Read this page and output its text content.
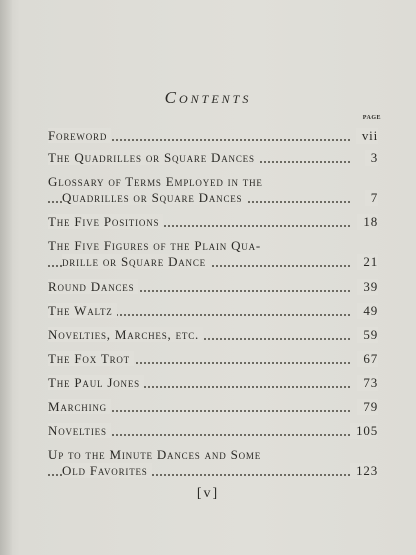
Contents
PAGE
Foreword	vii
The Quadrilles or Square Dances	3
Glossary of Terms Employed in the
Quadrilles or Square Dances	7
The Five Positions	18
The Five Figures of the Plain Qua-
drille or Square Dance	21
Round Dances	39
The Waltz	49
Novelties, Marches, etc.	59
The Fox Trot	67
The Paul Jones	73
Marching	79
Novelties	105
Up to the Minute Dances and Some
Old Favorites	123
[v]
